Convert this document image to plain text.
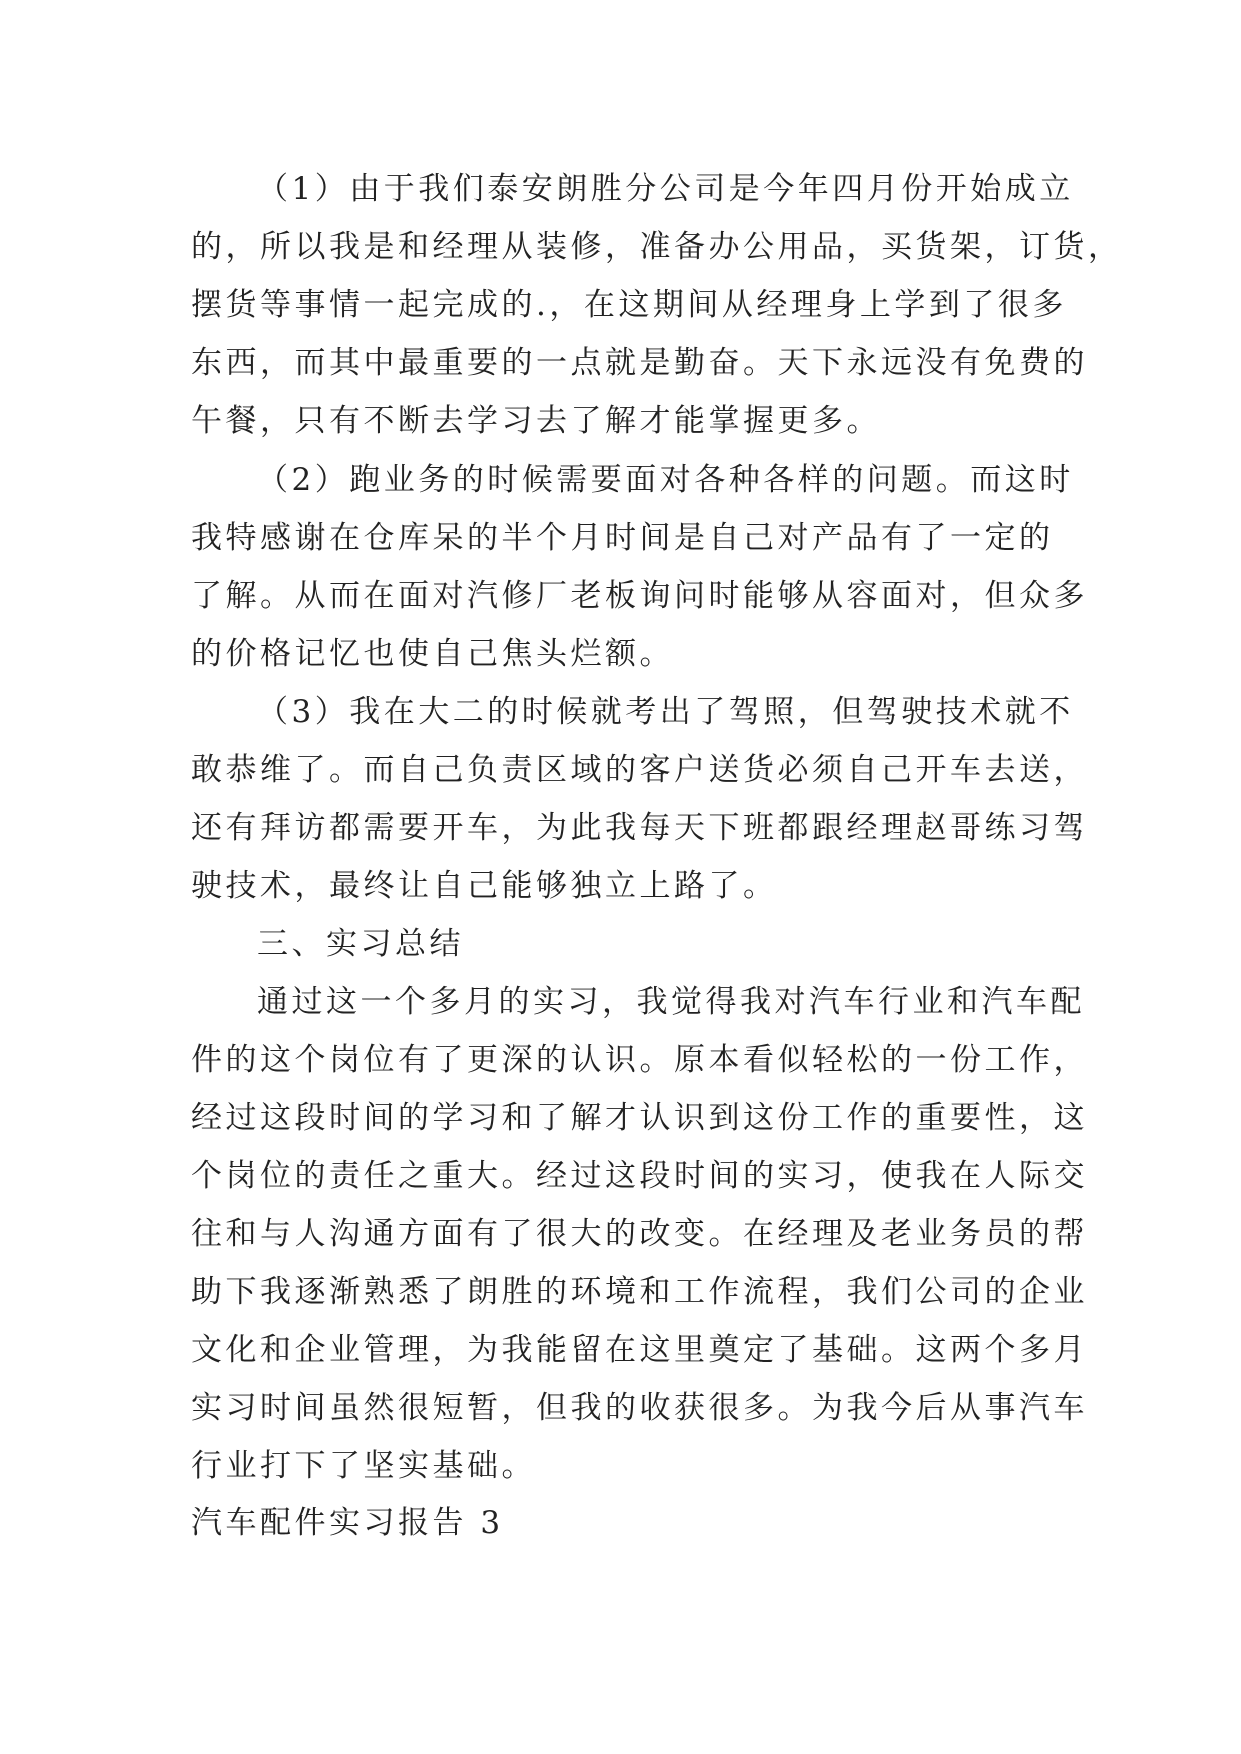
（1）由于我们泰安朗胜分公司是今年四月份开始成立
的，所以我是和经理从装修，准备办公用品，买货架，订货，
摆货等事情一起完成的.，在这期间从经理身上学到了很多
东西，而其中最重要的一点就是勤奋。天下永远没有免费的
午餐，只有不断去学习去了解才能掌握更多。
（2）跑业务的时候需要面对各种各样的问题。而这时
我特感谢在仓库呆的半个月时间是自己对产品有了一定的
了解。从而在面对汽修厂老板询问时能够从容面对，但众多
的价格记忆也使自己焦头烂额。
（3）我在大二的时候就考出了驾照，但驾驶技术就不
敢恭维了。而自己负责区域的客户送货必须自己开车去送，
还有拜访都需要开车，为此我每天下班都跟经理赵哥练习驾
驶技术，最终让自己能够独立上路了。
三、实习总结
通过这一个多月的实习，我觉得我对汽车行业和汽车配
件的这个岗位有了更深的认识。原本看似轻松的一份工作，
经过这段时间的学习和了解才认识到这份工作的重要性，这
个岗位的责任之重大。经过这段时间的实习，使我在人际交
往和与人沟通方面有了很大的改变。在经理及老业务员的帮
助下我逐渐熟悉了朗胜的环境和工作流程，我们公司的企业
文化和企业管理，为我能留在这里奠定了基础。这两个多月
实习时间虽然很短暂，但我的收获很多。为我今后从事汽车
行业打下了坚实基础。
汽车配件实习报告 3
